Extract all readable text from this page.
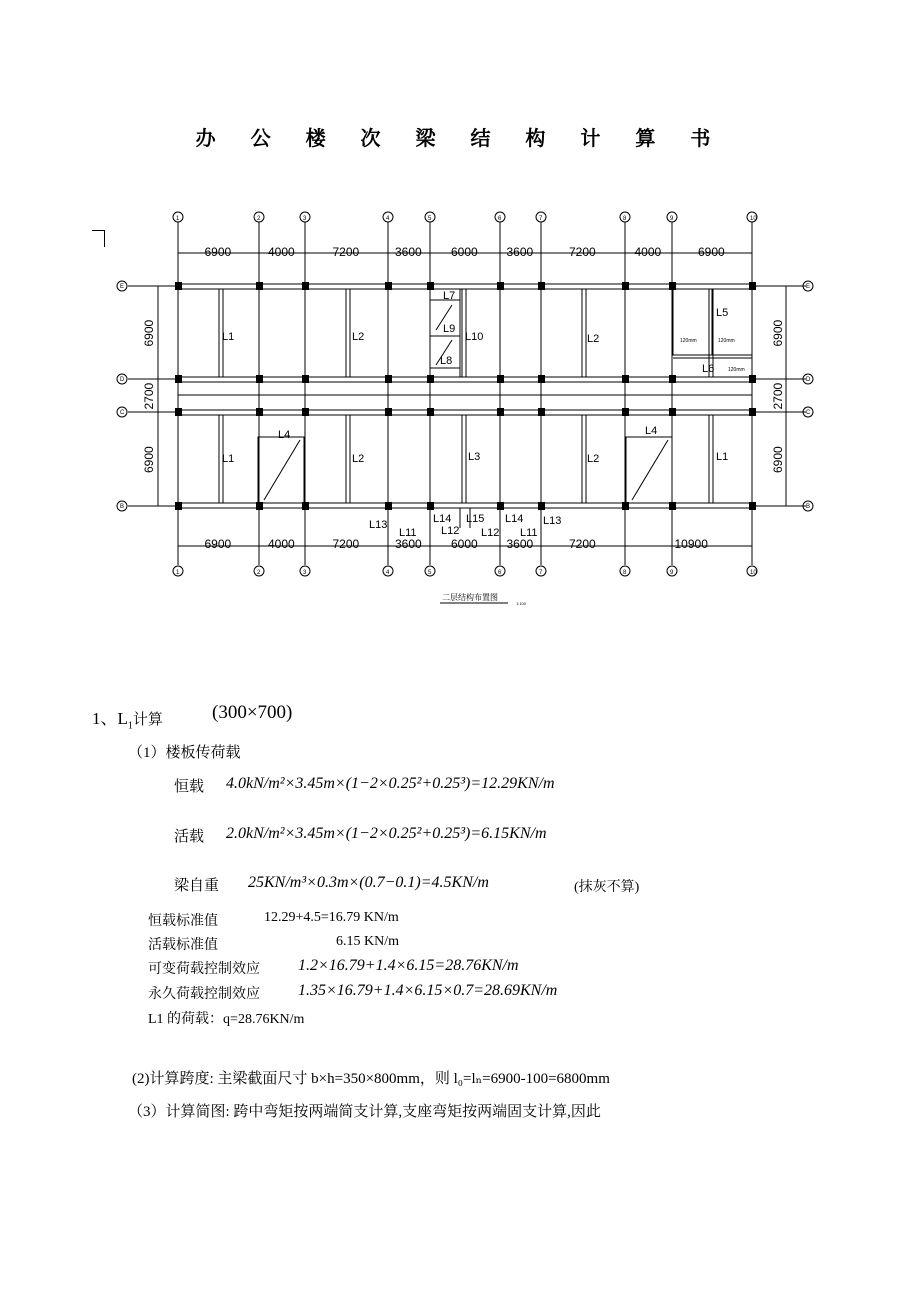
办 公 楼 次 梁 结 构 计 算 书
1
1
2
2
3
3
4
4
5
5
6
6
7
7
8
8
9
9
10
10
E	E
D	D
C	C
B	B
6900	4000	7200	3600 6000 3600	7200	4000	6900
6900	4000	7200	3600 6000 3600	7200	10900
6900
2700
6900
6900
2700
6900
L1	L2
L7
L9
L8
L10	L2
L5
L6
L1
L4
L2	L3	L2
L4
L1
L13
L11
L14
L12
L15
L12
L14
L11
L13
120mm	120mm
120mm
二层结构布置图
1:100
1、$L_1$计算	(300×700)
（1）楼板传荷载
恒载 4.0kN/m²×3.45m×(1−2×0.25²+0.25³)=12.29KN/m
活载 2.0kN/m²×3.45m×(1−2×0.25²+0.25³)=6.15KN/m
梁自重 25KN/m³×0.3m×(0.7−0.1)=4.5KN/m	(抹灰不算)
恒载标准值	12.29+4.5=16.79 KN/m
活载标准值	6.15 KN/m
可变荷载控制效应 1.2×16.79+1.4×6.15=28.76KN/m
永久荷载控制效应 1.35×16.79+1.4×6.15×0.7=28.69KN/m
L1 的荷载：q=28.76KN/m
(2)计算跨度: 主梁截面尺寸 b×h=350×800mm，则 l₀=lₙ=6900-100=6800mm
（3）计算简图: 跨中弯矩按两端简支计算,支座弯矩按两端固支计算,因此
